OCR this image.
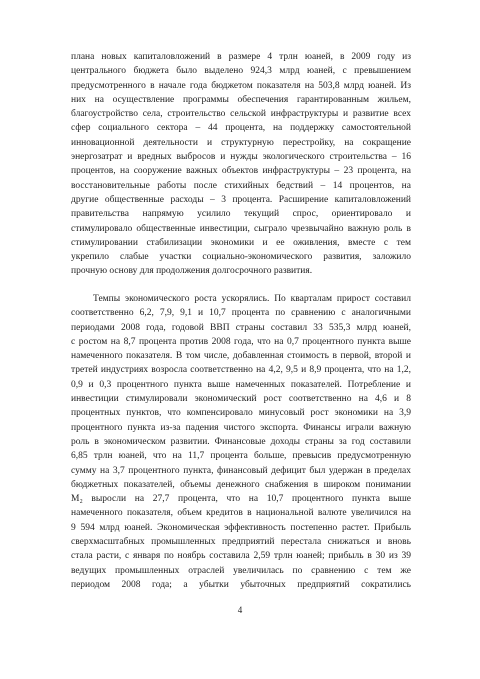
плана новых капиталовложений в размере 4 трлн юаней, в 2009 году из
центрального бюджета было выделено 924,3 млрд юаней, с превышением
предусмотренного в начале года бюджетом показателя на 503,8 млрд юаней. Из
них на осуществление программы обеспечения гарантированным жильем,
благоустройство села, строительство сельской инфраструктуры и развитие всех
сфер социального сектора – 44 процента, на поддержку самостоятельной
инновационной деятельности и структурную перестройку, на сокращение
энергозатрат и вредных выбросов и нужды экологического строительства – 16
процентов, на сооружение важных объектов инфраструктуры – 23 процента, на
восстановительные работы после стихийных бедствий – 14 процентов, на
другие общественные расходы – 3 процента. Расширение капиталовложений
правительства напрямую усилило текущий спрос, ориентировало и
стимулировало общественные инвестиции, сыграло чрезвычайно важную роль в
стимулировании стабилизации экономики и ее оживления, вместе с тем
укрепило слабые участки социально-экономического развития, заложило
прочную основу для продолжения долгосрочного развития.
Темпы экономического роста ускорялись. По кварталам прирост составил
соответственно 6,2, 7,9, 9,1 и 10,7 процента по сравнению с аналогичными
периодами 2008 года, годовой ВВП страны составил 33 535,3 млрд юаней,
с ростом на 8,7 процента против 2008 года, что на 0,7 процентного пункта выше
намеченного показателя. В том числе, добавленная стоимость в первой, второй и
третей индустриях возросла соответственно на 4,2, 9,5 и 8,9 процента, что на 1,2,
0,9 и 0,3 процентного пункта выше намеченных показателей. Потребление и
инвестиции стимулировали экономический рост соответственно на 4,6 и 8
процентных пунктов, что компенсировало минусовый рост экономики на 3,9
процентного пункта из-за падения чистого экспорта. Финансы играли важную
роль в экономическом развитии. Финансовые доходы страны за год составили
6,85 трлн юаней, что на 11,7 процента больше, превысив предусмотренную
сумму на 3,7 процентного пункта, финансовый дефицит был удержан в пределах
бюджетных показателей, объемы денежного снабжения в широком понимании
M₂ выросли на 27,7 процента, что на 10,7 процентного пункта выше
намеченного показателя, объем кредитов в национальной валюте увеличился на
9 594 млрд юаней. Экономическая эффективность постепенно растет. Прибыль
сверхмасштабных промышленных предприятий перестала снижаться и вновь
стала расти, с января по ноябрь составила 2,59 трлн юаней; прибыль в 30 из 39
ведущих промышленных отраслей увеличилась по сравнению с тем же
периодом 2008 года; а убытки убыточных предприятий сократились
4
